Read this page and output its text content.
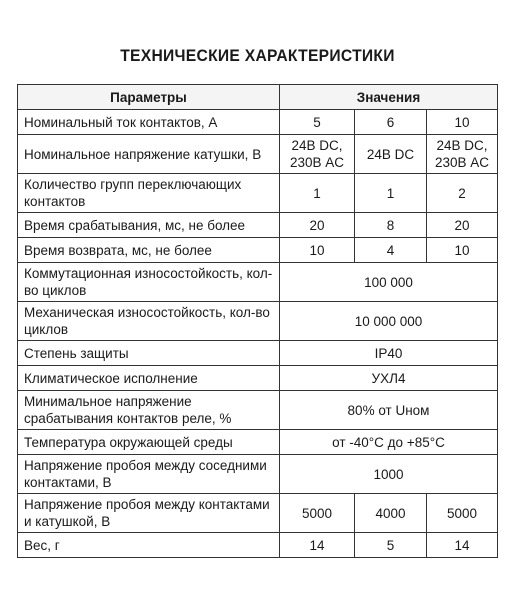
ТЕХНИЧЕСКИЕ ХАРАКТЕРИСТИКИ
Параметры	Значения		
Номинальный ток контактов, А	5	6	10
Номинальное напряжение катушки, В	24В DC, 230В AC	24В DC	24В DC, 230В AC
Количество групп переключающих контактов	1	1	2
Время срабатывания, мс, не более	20	8	20
Время возврата, мс, не более	10	4	10
Коммутационная износостойкость, кол-во циклов	100 000		
Механическая износостойкость, кол-во циклов	10 000 000		
Степень защиты	IP40		
Климатическое исполнение	УХЛ4		
Минимальное напряжение срабатывания контактов реле, %	80% от Uном		
Температура окружающей среды	от -40°С до +85°С		
Напряжение пробоя между соседними контактами, В	1000		
Напряжение пробоя между контактами и катушкой, В	5000	4000	5000
Вес, г	14	5	14
